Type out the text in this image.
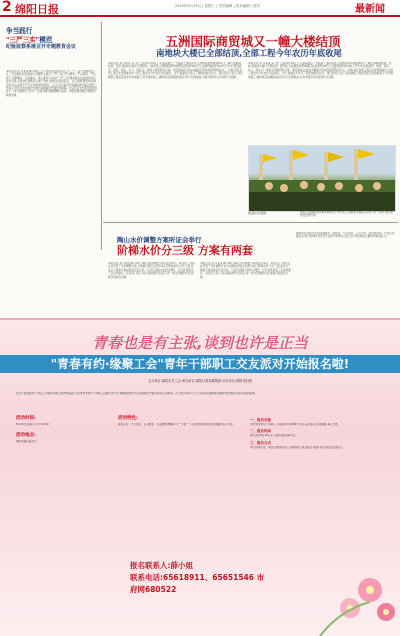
2 绵阳日报	2015年8月19日 | 星期三 | 责任编辑 | 美术编辑 | 校对	最新闻
争当践行
"三严三实"模范
纪检监察系统召开专题教育会议
本报讯(记者 李某某)8月19日上午,市纪检监察系统召开"三严三实"专题教育会议。会议要求,纪检监察干部要带头践行"三严三实",严以修身、严以用权、严以律己,谋事要实、创业要实、做人要实,切实把"三严三实"要求落实到监督执纪问责全过程,以铁的纪律锻造忠诚干净担当的纪检监察队伍。会议强调,要坚持问题导向,深入查找不严不实问题,即知即改、立行立改,推动党风廉政建设和反腐败工作深入开展,为加快建设中国科技城提供坚强纪律保障。会议还对全市纪检监察系统下一步专题教育工作作了安排部署,强调要精心组织、周密部署,确保专题教育取得实效。
五洲国际商贸城又一幢大楼结顶
南地块大楼已全部结顶,全部工程今年农历年底收尾
本报讯(记者 李某某 实习生 王某)8月19日上午,随着最后一方混凝土浇筑完成,五洲国际商贸城南地块又一幢大楼顺利结顶。至此,南地块大楼已全部结顶。据介绍,五洲国际商贸城项目总投资约50亿元,总建筑面积约100万平方米,是集商贸、物流、展示、办公、居住为一体的大型商贸综合体。项目建成后,将成为辐射川西北的商贸物流中心。目前,项目各项工程正在加紧推进中,全部工程预计今年农历年底收尾。当天,参建各方举行了简短的结顶仪式。项目负责人表示,将在确保工程质量和安全的前提下,科学组织施工,确保项目按期建成投用,早日发挥效益,为我市经济社会发展作出贡献。
本报讯(记者 李某某 实习生 王某)8月19日上午,随着最后一方混凝土浇筑完成,五洲国际商贸城南地块又一幢大楼顺利结顶。至此,南地块大楼已全部结顶。据介绍,五洲国际商贸城项目总投资约50亿元,总建筑面积约100万平方米,是集商贸、物流、展示、办公、居住为一体的大型商贸综合体。项目建成后,将成为辐射川西北的商贸物流中心。目前,项目各项工程正在加紧推进中,全部工程预计今年农历年底收尾。当天,参建各方举行了简短的结顶仪式。项目负责人表示,将在确保工程质量和安全的前提下,科学组织施工,确保项目按期建成投用,早日发挥效益,为我市经济社会发展作出贡献。
结顶仪式现场。	据悉,五洲国际商贸城北地块将于明年完工,届时将全面投入运营,为广大商户提供更好的经营环境。
陶山水价调整方案听证会举行
阶梯水价分三级 方案有两套
本报讯(记者 李某某)8月19日,陶山水价调整方案听证会举行。听证会上,供水企业介绍了水价调整方案,方案提出居民生活用水实行阶梯水价,分为三级,并设计了两套方案供参会代表讨论。与会代表就方案的合理性、可行性等发表了意见和建议。有关部门表示,将认真梳理代表意见,进一步完善调整方案,按程序报批后实施。
本报讯(记者 李某某)8月19日,陶山水价调整方案听证会举行。听证会上,供水企业介绍了水价调整方案,方案提出居民生活用水实行阶梯水价,分为三级,并设计了两套方案供参会代表讨论。与会代表就方案的合理性、可行性等发表了意见和建议。有关部门表示,将认真梳理代表意见,进一步完善调整方案,按程序报批后实施。
参加听证会的代表包括消费者、经营者、专家学者、人大代表、政协委员等。代表们普遍认为,实行阶梯水价有利于促进节约用水,但应充分考虑低收入群体的承受能力。
青春也是有主张,谈到也许是正当
"青春有约·缘聚工会"青年干部职工交友派对开始报名啦!
主办单位:绵阳市总工会 承办单位:绵阳日报传媒集团 协办单位:绵阳市妇联
在这个浪漫的季节,市总工会携手绵阳日报传媒集团,为全市单身青年干部职工搭建交友平台,诚邀您的参与!活动将通过丰富多彩的互动游戏、才艺展示等环节,让大家在轻松愉快的氛围中相识相知,收获友谊和爱情。
活动时间:
8月29日(星期六)下午14:00
活动地点:
绵阳某酒店宴会厅
活动特色:
游戏互动、才艺展示、心动配对、礼品赠送,精彩环节一个接一个,等你来体验!现场还将抽取幸运大奖。
一、报名对象
全市单身青年干部职工,年龄在22至40周岁之间,品行端正,身体健康,真心交友。
二、报名时间
即日起至8月26日止,名额有限,报满为止。
三、报名方式
本人持身份证、单位证明到市总工会或绵阳日报社报名,或拨打报名电话登记报名。
报名联系人:薛小姐
联系电话:65618911、65651546 市府网680522
